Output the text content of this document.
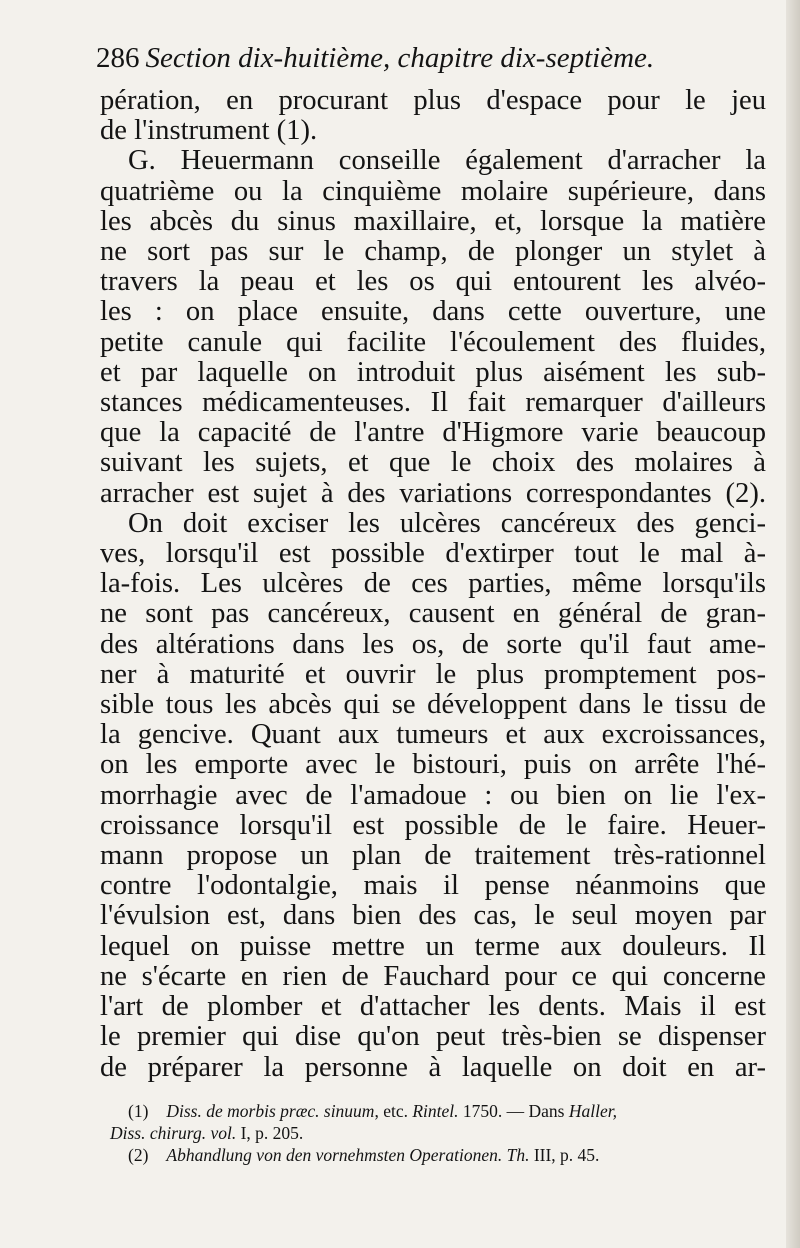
286 Section dix-huitième, chapitre dix-septième.
pération, en procurant plus d'espace pour le jeu
de l'instrument (1).
G. Heuermann conseille également d'arracher la
quatrième ou la cinquième molaire supérieure, dans
les abcès du sinus maxillaire, et, lorsque la matière
ne sort pas sur le champ, de plonger un stylet à
travers la peau et les os qui entourent les alvéo-
les : on place ensuite, dans cette ouverture, une
petite canule qui facilite l'écoulement des fluides,
et par laquelle on introduit plus aisément les sub-
stances médicamenteuses. Il fait remarquer d'ailleurs
que la capacité de l'antre d'Higmore varie beaucoup
suivant les sujets, et que le choix des molaires à
arracher est sujet à des variations correspondantes (2).
On doit exciser les ulcères cancéreux des genci-
ves, lorsqu'il est possible d'extirper tout le mal à-
la-fois. Les ulcères de ces parties, même lorsqu'ils
ne sont pas cancéreux, causent en général de gran-
des altérations dans les os, de sorte qu'il faut ame-
ner à maturité et ouvrir le plus promptement pos-
sible tous les abcès qui se développent dans le tissu de
la gencive. Quant aux tumeurs et aux excroissances,
on les emporte avec le bistouri, puis on arrête l'hé-
morrhagie avec de l'amadoue : ou bien on lie l'ex-
croissance lorsqu'il est possible de le faire. Heuer-
mann propose un plan de traitement très-rationnel
contre l'odontalgie, mais il pense néanmoins que
l'évulsion est, dans bien des cas, le seul moyen par
lequel on puisse mettre un terme aux douleurs. Il
ne s'écarte en rien de Fauchard pour ce qui concerne
l'art de plomber et d'attacher les dents. Mais il est
le premier qui dise qu'on peut très-bien se dispenser
de préparer la personne à laquelle on doit en ar-
(1) Diss. de morbis præc. sinuum, etc. Rintel. 1750. — Dans Haller,
Diss. chirurg. vol. I, p. 205.
(2) Abhandlung von den vornehmsten Operationen. Th. III, p. 45.
